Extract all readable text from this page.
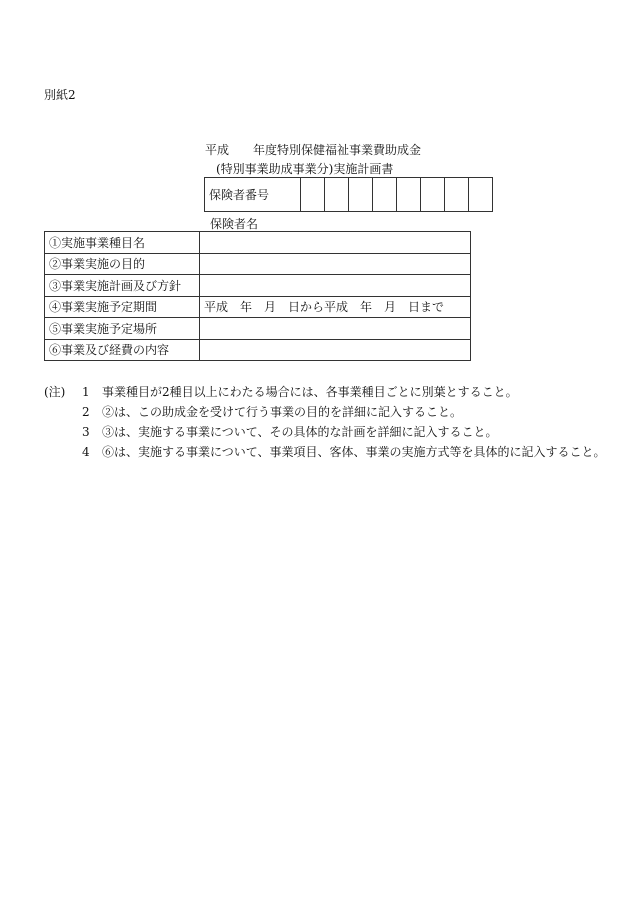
別紙2
平成　　年度特別保健福祉事業費助成金
(特別事業助成事業分)実施計画書
保険者番号								
保険者名
①実施事業種目名	
②事業実施の目的	
③事業実施計画及び方針	
④事業実施予定期間	平成　年　月　日から平成　年　月　日まで
⑤事業実施予定場所	
⑥事業及び経費の内容	
(注) 1 事業種目が2種目以上にわたる場合には、各事業種目ごとに別葉とすること。
2 ②は、この助成金を受けて行う事業の目的を詳細に記入すること。
3 ③は、実施する事業について、その具体的な計画を詳細に記入すること。
4 ⑥は、実施する事業について、事業項目、客体、事業の実施方式等を具体的に記入すること。
